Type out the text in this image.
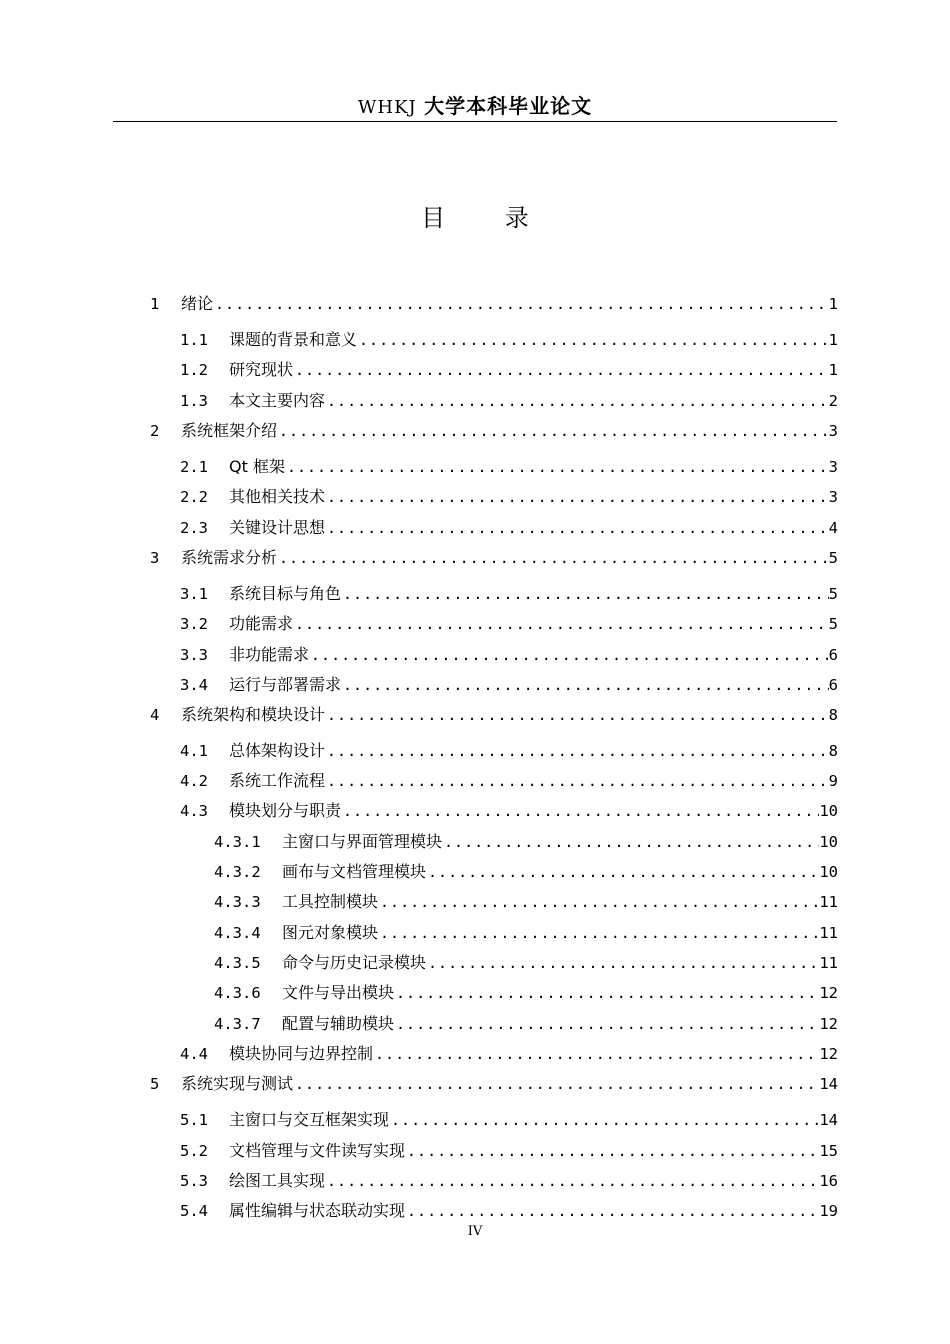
WHKJ 大学本科毕业论文
目 录
1	绪论 .....	1
1.1	课题的背景和意义 .....	1
1.2	研究现状 .....	1
1.3	本文主要内容 .....	2
2	系统框架介绍 .....	3
2.1	Qt 框架 .....	3
2.2	其他相关技术 .....	3
2.3	关键设计思想 .....	4
3	系统需求分析 .....	5
3.1	系统目标与角色 .....	5
3.2	功能需求 .....	5
3.3	非功能需求 .....	6
3.4	运行与部署需求 .....	6
4	系统架构和模块设计 .....	8
4.1	总体架构设计 .....	8
4.2	系统工作流程 .....	9
4.3	模块划分与职责 .....	10
4.3.1	主窗口与界面管理模块 .....	10
4.3.2	画布与文档管理模块 .....	10
4.3.3	工具控制模块 .....	11
4.3.4	图元对象模块 .....	11
4.3.5	命令与历史记录模块 .....	11
4.3.6	文件与导出模块 .....	12
4.3.7	配置与辅助模块 .....	12
4.4	模块协同与边界控制 .....	12
5	系统实现与测试 .....	14
5.1	主窗口与交互框架实现 .....	14
5.2	文档管理与文件读写实现 .....	15
5.3	绘图工具实现 .....	16
5.4	属性编辑与状态联动实现 .....	19
IV
